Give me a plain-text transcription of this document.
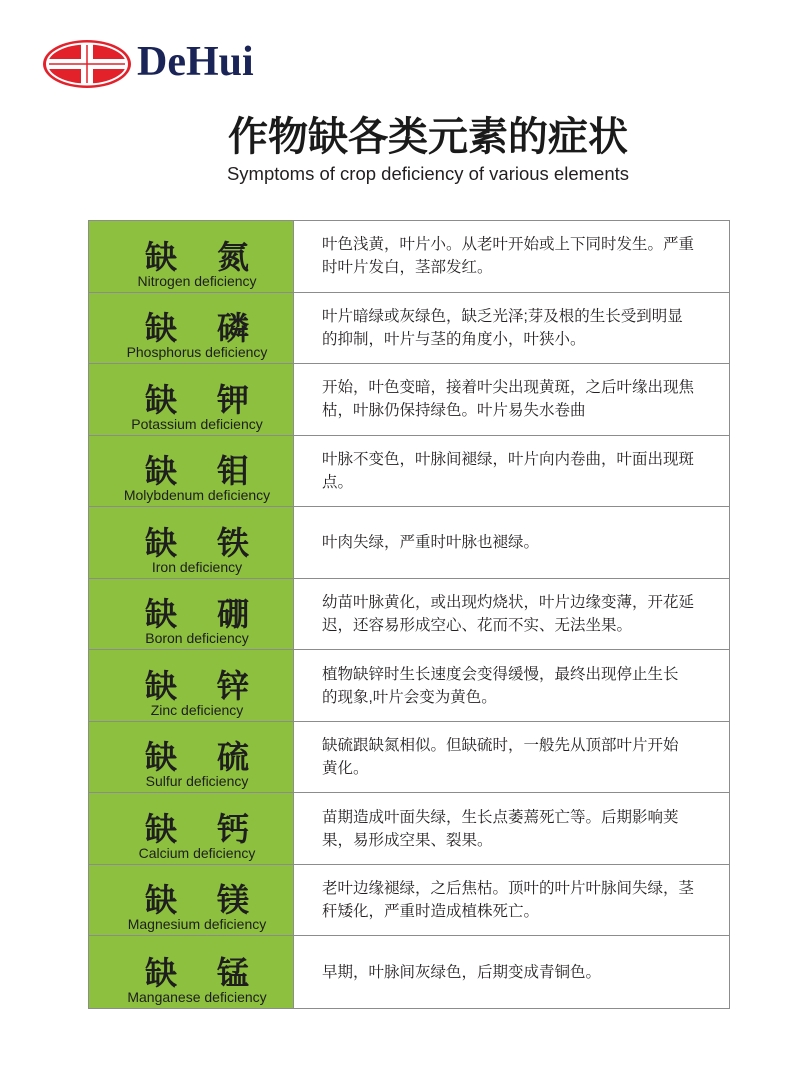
DeHui
作物缺各类元素的症状
Symptoms of crop deficiency of various elements
缺 氮
Nitrogen deficiency
叶色浅黄，叶片小。从老叶开始或上下同时发生。严重
时叶片发白，茎部发红。
缺 磷
Phosphorus deficiency
叶片暗绿或灰绿色，缺乏光泽;芽及根的生长受到明显
的抑制，叶片与茎的角度小，叶狭小。
缺 钾
Potassium deficiency
开始，叶色变暗，接着叶尖出现黄斑，之后叶缘出现焦
枯，叶脉仍保持绿色。叶片易失水卷曲
缺 钼
Molybdenum deficiency
叶脉不变色，叶脉间褪绿，叶片向内卷曲，叶面出现斑
点。
缺 铁
Iron deficiency
叶肉失绿，严重时叶脉也褪绿。
缺 硼
Boron deficiency
幼苗叶脉黄化，或出现灼烧状，叶片边缘变薄，开花延
迟，还容易形成空心、花而不实、无法坐果。
缺 锌
Zinc deficiency
植物缺锌时生长速度会变得缓慢，最终出现停止生长
的现象,叶片会变为黄色。
缺 硫
Sulfur deficiency
缺硫跟缺氮相似。但缺硫时，一般先从顶部叶片开始
黄化。
缺 钙
Calcium deficiency
苗期造成叶面失绿，生长点萎蔫死亡等。后期影响荚
果，易形成空果、裂果。
缺 镁
Magnesium deficiency
老叶边缘褪绿，之后焦枯。顶叶的叶片叶脉间失绿，茎
秆矮化，严重时造成植株死亡。
缺 锰
Manganese deficiency
早期，叶脉间灰绿色，后期变成青铜色。
